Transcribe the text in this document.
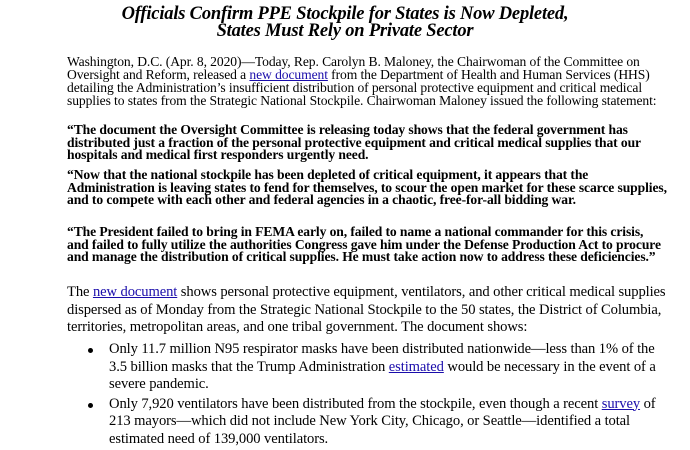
Officials Confirm PPE Stockpile for States is Now Depleted,
States Must Rely on Private Sector

Washington, D.C. (Apr. 8, 2020)—Today, Rep. Carolyn B. Maloney, the Chairwoman of the Committee on Oversight and Reform, released a new document from the Department of Health and Human Services (HHS) detailing the Administration’s insufficient distribution of personal protective equipment and critical medical supplies to states from the Strategic National Stockpile. Chairwoman Maloney issued the following statement:

“The document the Oversight Committee is releasing today shows that the federal government has distributed just a fraction of the personal protective equipment and critical medical supplies that our hospitals and medical first responders urgently need.

“Now that the national stockpile has been depleted of critical equipment, it appears that the Administration is leaving states to fend for themselves, to scour the open market for these scarce supplies, and to compete with each other and federal agencies in a chaotic, free-for-all bidding war.

“The President failed to bring in FEMA early on, failed to name a national commander for this crisis, and failed to fully utilize the authorities Congress gave him under the Defense Production Act to procure and manage the distribution of critical supplies. He must take action now to address these deficiencies.”

The new document shows personal protective equipment, ventilators, and other critical medical supplies dispersed as of Monday from the Strategic National Stockpile to the 50 states, the District of Columbia, territories, metropolitan areas, and one tribal government. The document shows:

Only 11.7 million N95 respirator masks have been distributed nationwide—less than 1% of the 3.5 billion masks that the Trump Administration estimated would be necessary in the event of a severe pandemic.
Only 7,920 ventilators have been distributed from the stockpile, even though a recent survey of 213 mayors—which did not include New York City, Chicago, or Seattle—identified a total estimated need of 139,000 ventilators.
